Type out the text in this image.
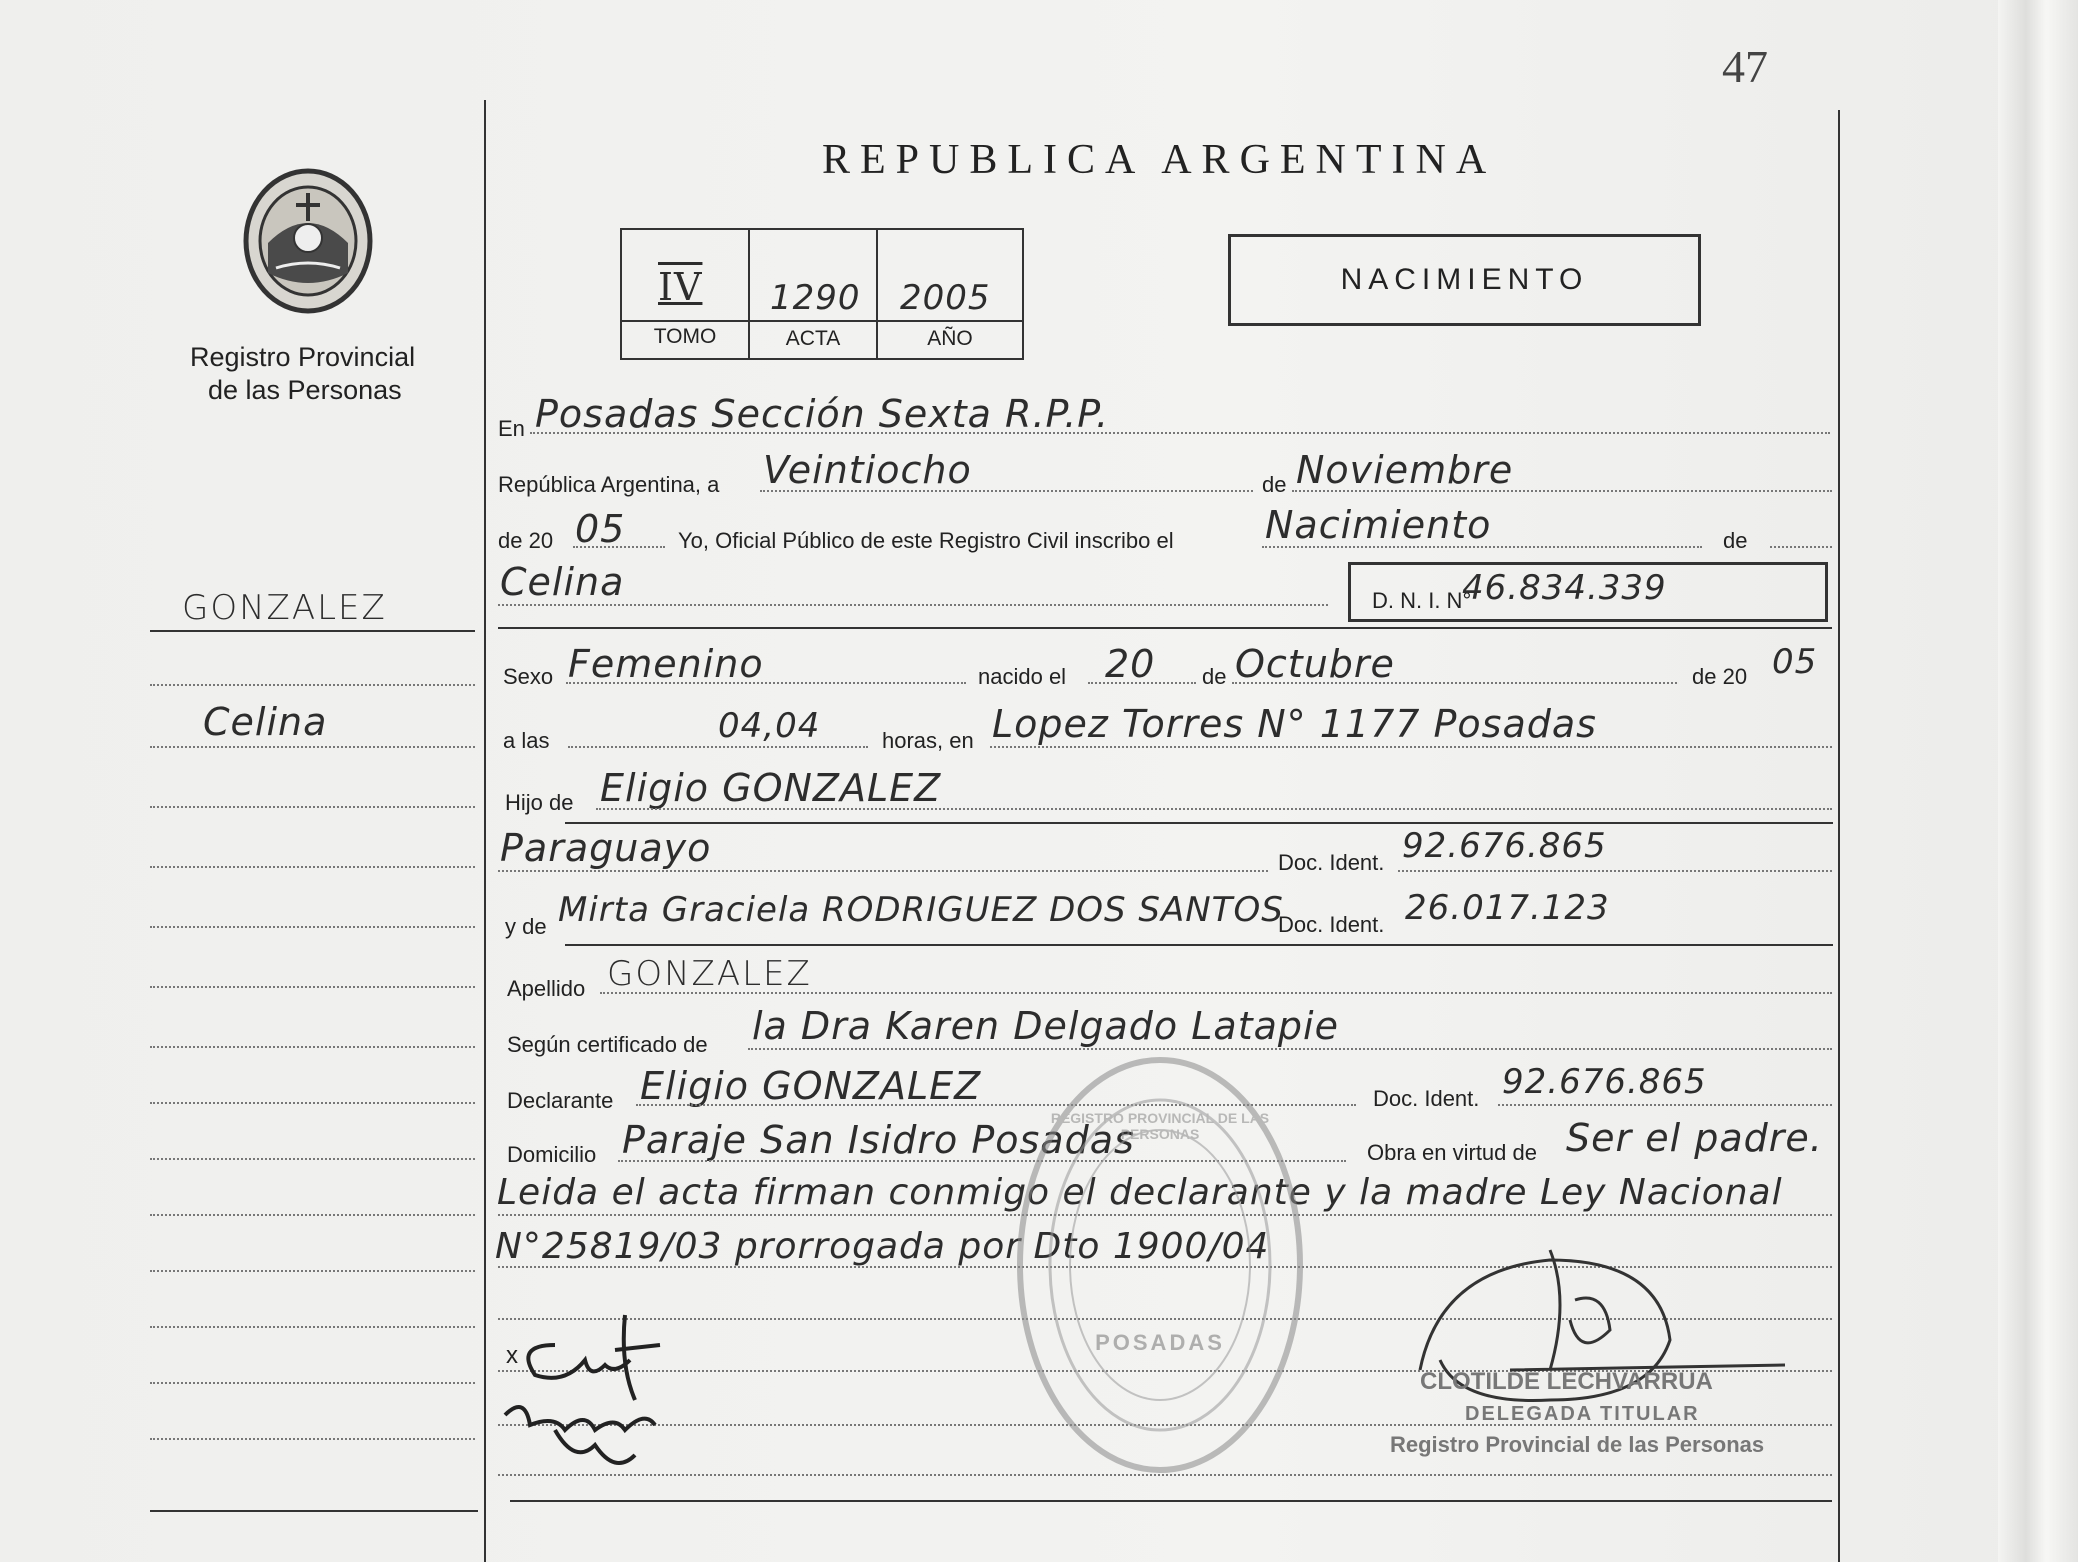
47
Registro Provincial
de las Personas
GONZALEZ
Celina
REPUBLICA ARGENTINA
IV 1290 2005
TOMO	ACTA	AÑO
NACIMIENTO
En Posadas Sección Sexta R.P.P.
República Argentina, a Veintiocho	de Noviembre
de 20 05 Yo, Oficial Público de este Registro Civil inscribo el Nacimiento	de
Celina	D. N. I. N°
46.834.339
Sexo Femenino	nacido el 20 de Octubre	de 20 05
a las	04,04	horas, en Lopez Torres N° 1177 Posadas
Hijo de Eligio GONZALEZ
Paraguayo	Doc. Ident. 92.676.865
y de Mirta Graciela RODRIGUEZ DOS SANTOS
Doc. Ident. 26.017.123
Apellido GONZALEZ
Según certificado de la Dra Karen Delgado Latapie
Declarante Eligio GONZALEZ	Doc. Ident. 92.676.865
Domicilio Paraje San Isidro Posadas	Obra en virtud de Ser el padre.
Leida el acta firman conmigo el declarante y la madre Ley Nacional
N°25819/03 prorrogada por Dto 1900/04
x	POSADAS
REGISTRO PROVINCIAL DE LAS PERSONAS
CLOTILDE LECHVARRUA
DELEGADA TITULAR
Registro Provincial de las Personas
